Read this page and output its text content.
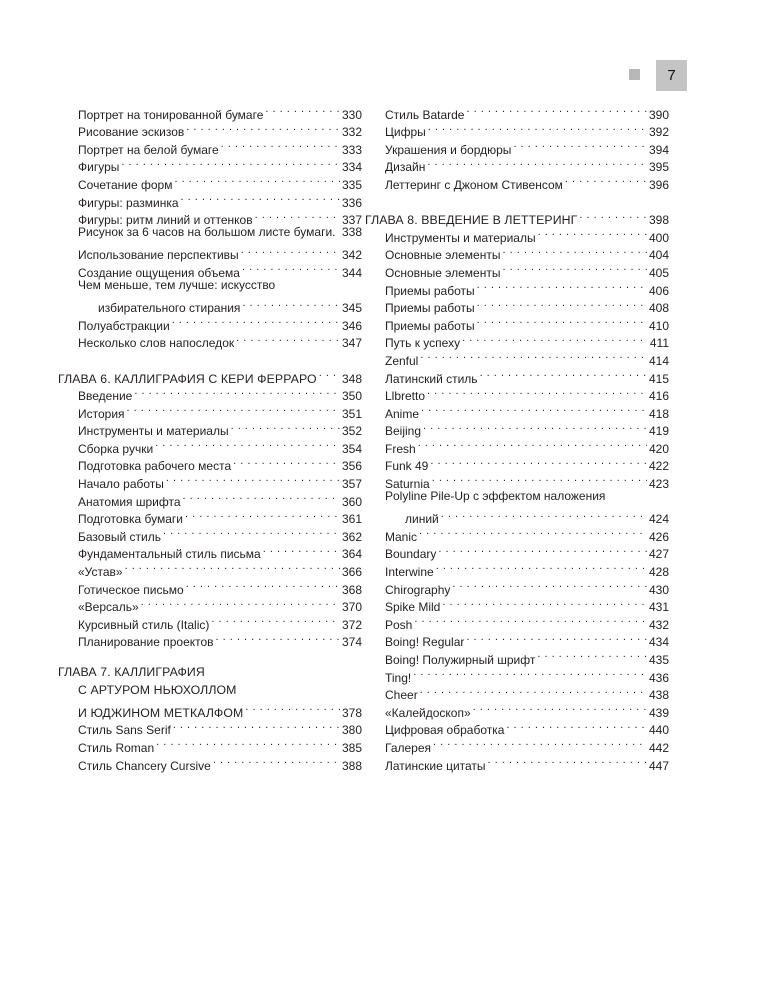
7
Портрет на тонированной бумаге . . .	330
Рисование эскизов . . .	332
Портрет на белой бумаге . . .	333
Фигуры . . .	334
Сочетание форм . . .	335
Фигуры: разминка . . .	336
Фигуры: ритм линий и оттенков . . .	337
Рисунок за 6 часов на большом листе бумаги. 338
Использование перспективы . . .	342
Создание ощущения объема . . .	344
Чем меньше, тем лучше: искусство
избирательного стирания . . .	345
Полуабстракции . . .	346
Несколько слов напоследок . . .	347
ГЛАВА 6. КАЛЛИГРАФИЯ С КЕРИ ФЕРРАРО . . . 348
Введение . . .	350
История . . .	351
Инструменты и материалы . . .	352
Сборка ручки . . .	354
Подготовка рабочего места . . .	356
Начало работы . . .	357
Анатомия шрифта . . .	360
Подготовка бумаги . . .	361
Базовый стиль . . .	362
Фундаментальный стиль письма . . .	364
«Устав» . . .	366
Готическое письмо . . .	368
«Версаль» . . .	370
Курсивный стиль (Italic) . . .	372
Планирование проектов . . .	374
ГЛАВА 7. КАЛЛИГРАФИЯ
С АРТУРОМ НЬЮХОЛЛОМ
И ЮДЖИНОМ МЕТКАЛФОМ . . .	378
Стиль Sans Serif . . .	380
Стиль Roman . . .	385
Стиль Chancery Cursive . . .	388
Стиль Batarde . . .	390
Цифры . . .	392
Украшения и бордюры . . .	394
Дизайн . . .	395
Леттеринг с Джоном Стивенсом . . .	396
ГЛАВА 8. ВВЕДЕНИЕ В ЛЕТТЕРИНГ . . .	398
Инструменты и материалы . . .	400
Основные элементы . . .	404
Основные элементы . . .	405
Приемы работы . . .	406
Приемы работы . . .	408
Приемы работы . . .	410
Путь к успеху . . .	411
Zenful . . .	414
Латинский стиль . . .	415
Llbretto . . .	416
Anime . . .	418
Beijing . . .	419
Fresh . . .	420
Funk 49 . . .	422
Saturnia . . .	423
Polyline Pile-Up с эффектом наложения
линий . . .	424
Manic . . .	426
Boundary . . .	427
Interwine . . .	428
Chirography . . .	430
Spike Mild . . .	431
Posh . . .	432
Boing! Regular . . .	434
Boing! Полужирный шрифт . . .	435
Ting! . . .	436
Cheer . . .	438
«Калейдоскоп» . . .	439
Цифровая обработка . . .	440
Галерея . . .	442
Латинские цитаты . . .	447
